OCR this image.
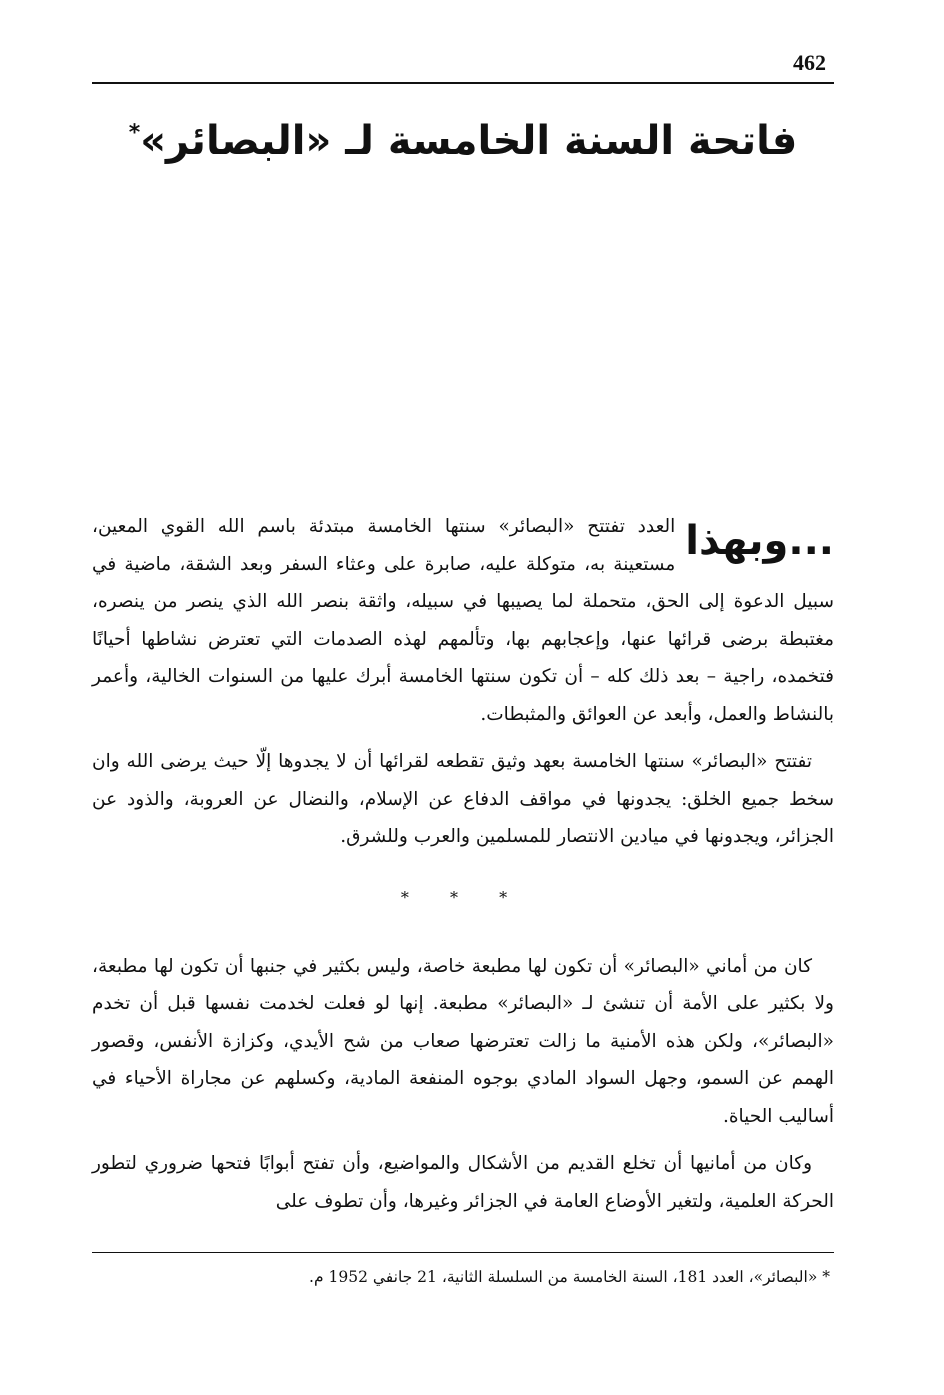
462
فاتحة السنة الخامسة لـ «البصائر»*

...وبهذا
العدد تفتتح «البصائر» سنتها الخامسة مبتدئة باسم الله القوي المعين، مستعينة به، متوكلة عليه، صابرة على وعثاء السفر وبعد الشقة، ماضية في سبيل الدعوة إلى الحق، متحملة لما يصيبها في سبيله، واثقة بنصر الله الذي ينصر من ينصره، مغتبطة برضى قرائها عنها، وإعجابهم بها، وتألمهم لهذه الصدمات التي تعترض نشاطها أحيانًا فتخمده، راجية – بعد ذلك كله – أن تكون سنتها الخامسة أبرك عليها من السنوات الخالية، وأعمر بالنشاط والعمل، وأبعد عن العوائق والمثبطات.

تفتتح «البصائر» سنتها الخامسة بعهد وثيق تقطعه لقرائها أن لا يجدوها إلّا حيث يرضى الله وان سخط جميع الخلق: يجدونها في مواقف الدفاع عن الإسلام، والنضال عن العروبة، والذود عن الجزائر، ويجدونها في ميادين الانتصار للمسلمين والعرب وللشرق.

* * *

كان من أماني «البصائر» أن تكون لها مطبعة خاصة، وليس بكثير في جنبها أن تكون لها مطبعة، ولا بكثير على الأمة أن تنشئ لـ «البصائر» مطبعة. إنها لو فعلت لخدمت نفسها قبل أن تخدم «البصائر»، ولكن هذه الأمنية ما زالت تعترضها صعاب من شح الأيدي، وكزازة الأنفس، وقصور الهمم عن السمو، وجهل السواد المادي بوجوه المنفعة المادية، وكسلهم عن مجاراة الأحياء في أساليب الحياة.

وكان من أمانيها أن تخلع القديم من الأشكال والمواضيع، وأن تفتح أبوابًا فتحها ضروري لتطور الحركة العلمية، ولتغير الأوضاع العامة في الجزائر وغيرها، وأن تطوف على

* «البصائر»، العدد 181، السنة الخامسة من السلسلة الثانية، 21 جانفي 1952 م.
